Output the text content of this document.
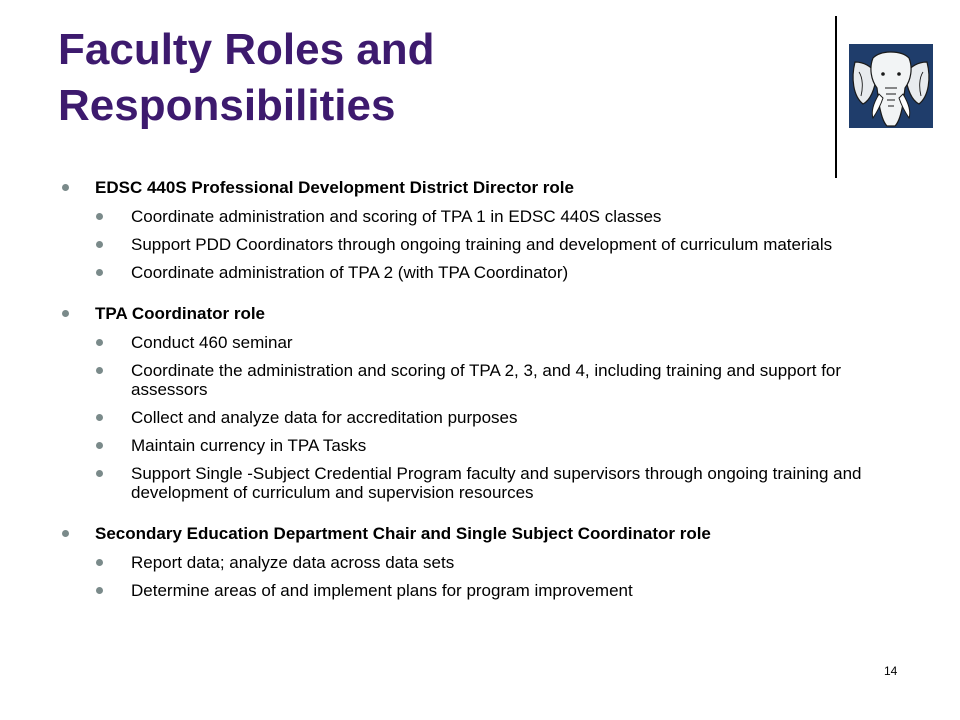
Faculty Roles and
Responsibilities
EDSC 440S Professional Development District Director role
Coordinate administration and scoring of TPA 1 in EDSC 440S classes
Support PDD Coordinators through ongoing training and development of curriculum materials
Coordinate administration of TPA 2 (with TPA Coordinator)
TPA Coordinator role
Conduct 460 seminar
Coordinate the administration and scoring of TPA 2, 3, and 4, including training and support for assessors
Collect and analyze data for accreditation purposes
Maintain currency in TPA Tasks
Support Single -Subject Credential Program faculty and supervisors through ongoing training and development of curriculum and supervision resources
Secondary Education Department Chair and Single Subject Coordinator role
Report data; analyze data across data sets
Determine areas of and implement plans for program improvement
14
